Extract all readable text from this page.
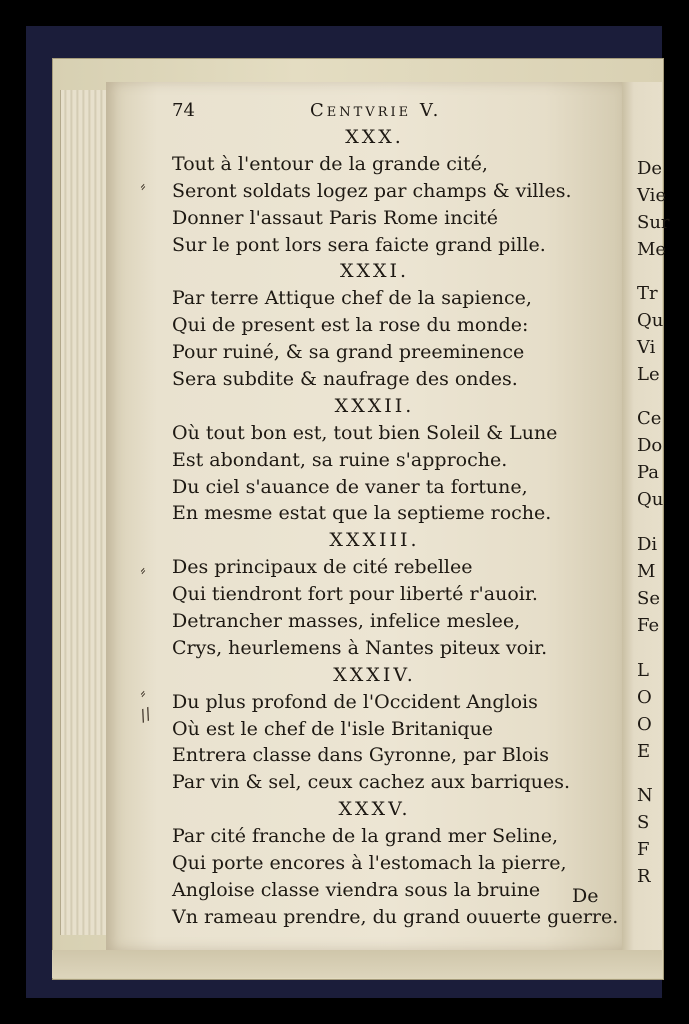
74	Centvrie V.
XXX.
Tout à l'entour de la grande cité,
Seront soldats logez par champs & villes.
Donner l'assaut Paris Rome incité
Sur le pont lors sera faicte grand pille.
XXXI.
Par terre Attique chef de la sapience,
Qui de present est la rose du monde:
Pour ruiné, & sa grand preeminence
Sera subdite & naufrage des ondes.
XXXII.
Où tout bon est, tout bien Soleil & Lune
Est abondant, sa ruine s'approche.
Du ciel s'auance de vaner ta fortune,
En mesme estat que la septieme roche.
XXXIII.
Des principaux de cité rebellee
Qui tiendront fort pour liberté r'auoir.
Detrancher masses, infelice meslee,
Crys, heurlemens à Nantes piteux voir.
XXXIV.
Du plus profond de l'Occident Anglois
Où est le chef de l'isle Britanique
Entrera classe dans Gyronne, par Blois
Par vin & sel, ceux cachez aux barriques.
XXXV.
Par cité franche de la grand mer Seline,
Qui porte encores à l'estomach la pierre,
Angloise classe viendra sous la bruine
Vn rameau prendre, du grand ouuerte guerre.
De
De
Vie
Sur
Me
Tr
Qu
Vi
Le
Ce
Do
Pa
Qu
Di
M
Se
Fe
L
O
O
E
N
S
F
R
⸗
⸗
⸗
//
